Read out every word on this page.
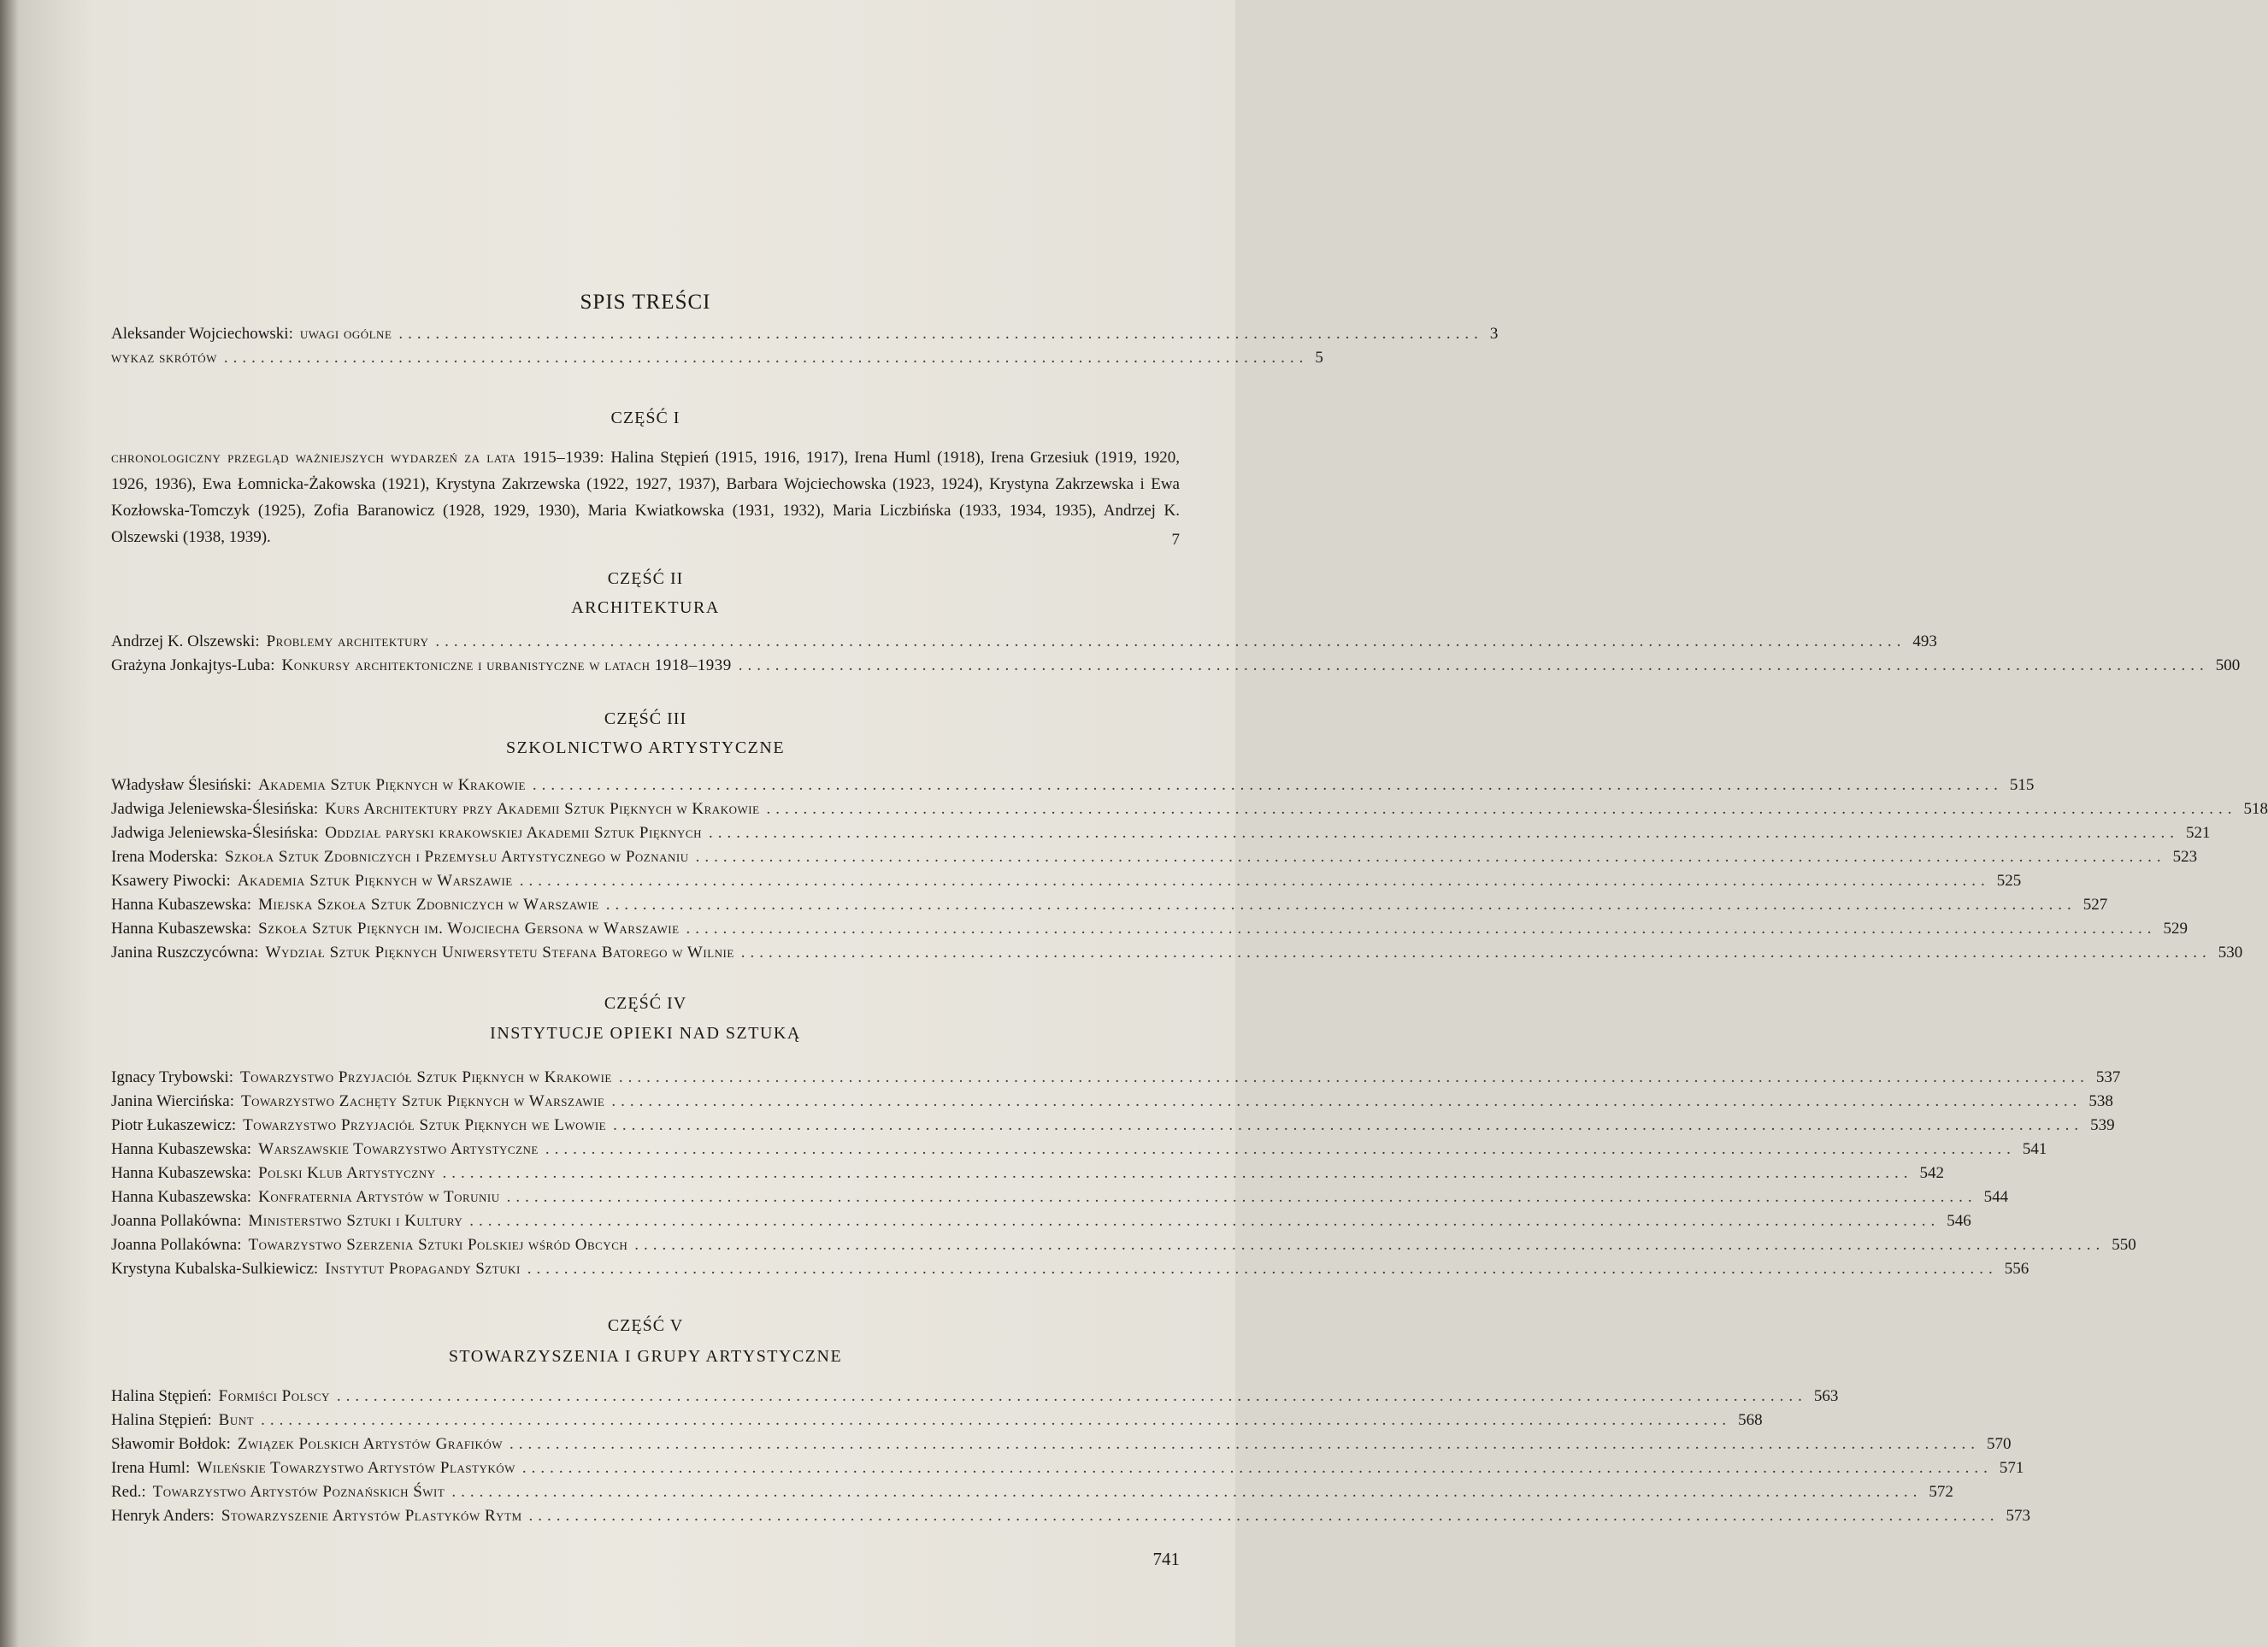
SPIS TREŚCI
Aleksander Wojciechowski: uwagi ogólne ...................................................................................................................... 3
wykaz skrótów ...................................................................................................................... 5
CZĘŚĆ I
chronologiczny przegląd ważniejszych wydarzeń za lata 1915–1939: Halina Stępień (1915, 1916, 1917), Irena Huml (1918), Irena Grzesiuk (1919, 1920, 1926, 1936), Ewa Łomnicka-Żakowska (1921), Krystyna Zakrzewska (1922, 1927, 1937), Barbara Wojciechowska (1923, 1924), Krystyna Zakrzewska i Ewa Kozłowska-Tomczyk (1925), Zofia Baranowicz (1928, 1929, 1930), Maria Kwiatkowska (1931, 1932), Maria Liczbińska (1933, 1934, 1935), Andrzej K. Olszewski (1938, 1939).	7
CZĘŚĆ II
ARCHITEKTURA
Andrzej K. Olszewski: Problemy architektury ................................................................................................................................................................ 493
Grażyna Jonkajtys-Luba: Konkursy architektoniczne i urbanistyczne w latach 1918–1939 ................................................................................................................................................................ 500
CZĘŚĆ III
SZKOLNICTWO ARTYSTYCZNE
Władysław Ślesiński: Akademia Sztuk Pięknych w Krakowie ................................................................................................................................................................ 515
Jadwiga Jeleniewska-Ślesińska: Kurs Architektury przy Akademii Sztuk Pięknych w Krakowie ................................................................................................................................................................ 518
Jadwiga Jeleniewska-Ślesińska: Oddział paryski krakowskiej Akademii Sztuk Pięknych ................................................................................................................................................................ 521
Irena Moderska: Szkoła Sztuk Zdobniczych i Przemysłu Artystycznego w Poznaniu ................................................................................................................................................................ 523
Ksawery Piwocki: Akademia Sztuk Pięknych w Warszawie ................................................................................................................................................................ 525
Hanna Kubaszewska: Miejska Szkoła Sztuk Zdobniczych w Warszawie ................................................................................................................................................................ 527
Hanna Kubaszewska: Szkoła Sztuk Pięknych im. Wojciecha Gersona w Warszawie ................................................................................................................................................................ 529
Janina Ruszczycówna: Wydział Sztuk Pięknych Uniwersytetu Stefana Batorego w Wilnie ................................................................................................................................................................ 530
CZĘŚĆ IV
INSTYTUCJE OPIEKI NAD SZTUKĄ
Ignacy Trybowski: Towarzystwo Przyjaciół Sztuk Pięknych w Krakowie ................................................................................................................................................................ 537
Janina Wiercińska: Towarzystwo Zachęty Sztuk Pięknych w Warszawie ................................................................................................................................................................ 538
Piotr Łukaszewicz: Towarzystwo Przyjaciół Sztuk Pięknych we Lwowie ................................................................................................................................................................ 539
Hanna Kubaszewska: Warszawskie Towarzystwo Artystyczne ................................................................................................................................................................ 541
Hanna Kubaszewska: Polski Klub Artystyczny ................................................................................................................................................................ 542
Hanna Kubaszewska: Konfraternia Artystów w Toruniu ................................................................................................................................................................ 544
Joanna Pollakówna: Ministerstwo Sztuki i Kultury ................................................................................................................................................................ 546
Joanna Pollakówna: Towarzystwo Szerzenia Sztuki Polskiej wśród Obcych ................................................................................................................................................................ 550
Krystyna Kubalska-Sulkiewicz: Instytut Propagandy Sztuki ................................................................................................................................................................ 556
CZĘŚĆ V
STOWARZYSZENIA I GRUPY ARTYSTYCZNE
Halina Stępień: Formiści Polscy ................................................................................................................................................................ 563
Halina Stępień: Bunt ................................................................................................................................................................ 568
Sławomir Bołdok: Związek Polskich Artystów Grafików ................................................................................................................................................................ 570
Irena Huml: Wileńskie Towarzystwo Artystów Plastyków ................................................................................................................................................................ 571
Red.: Towarzystwo Artystów Poznańskich Świt ................................................................................................................................................................ 572
Henryk Anders: Stowarzyszenie Artystów Plastyków Rytm ................................................................................................................................................................ 573
741
